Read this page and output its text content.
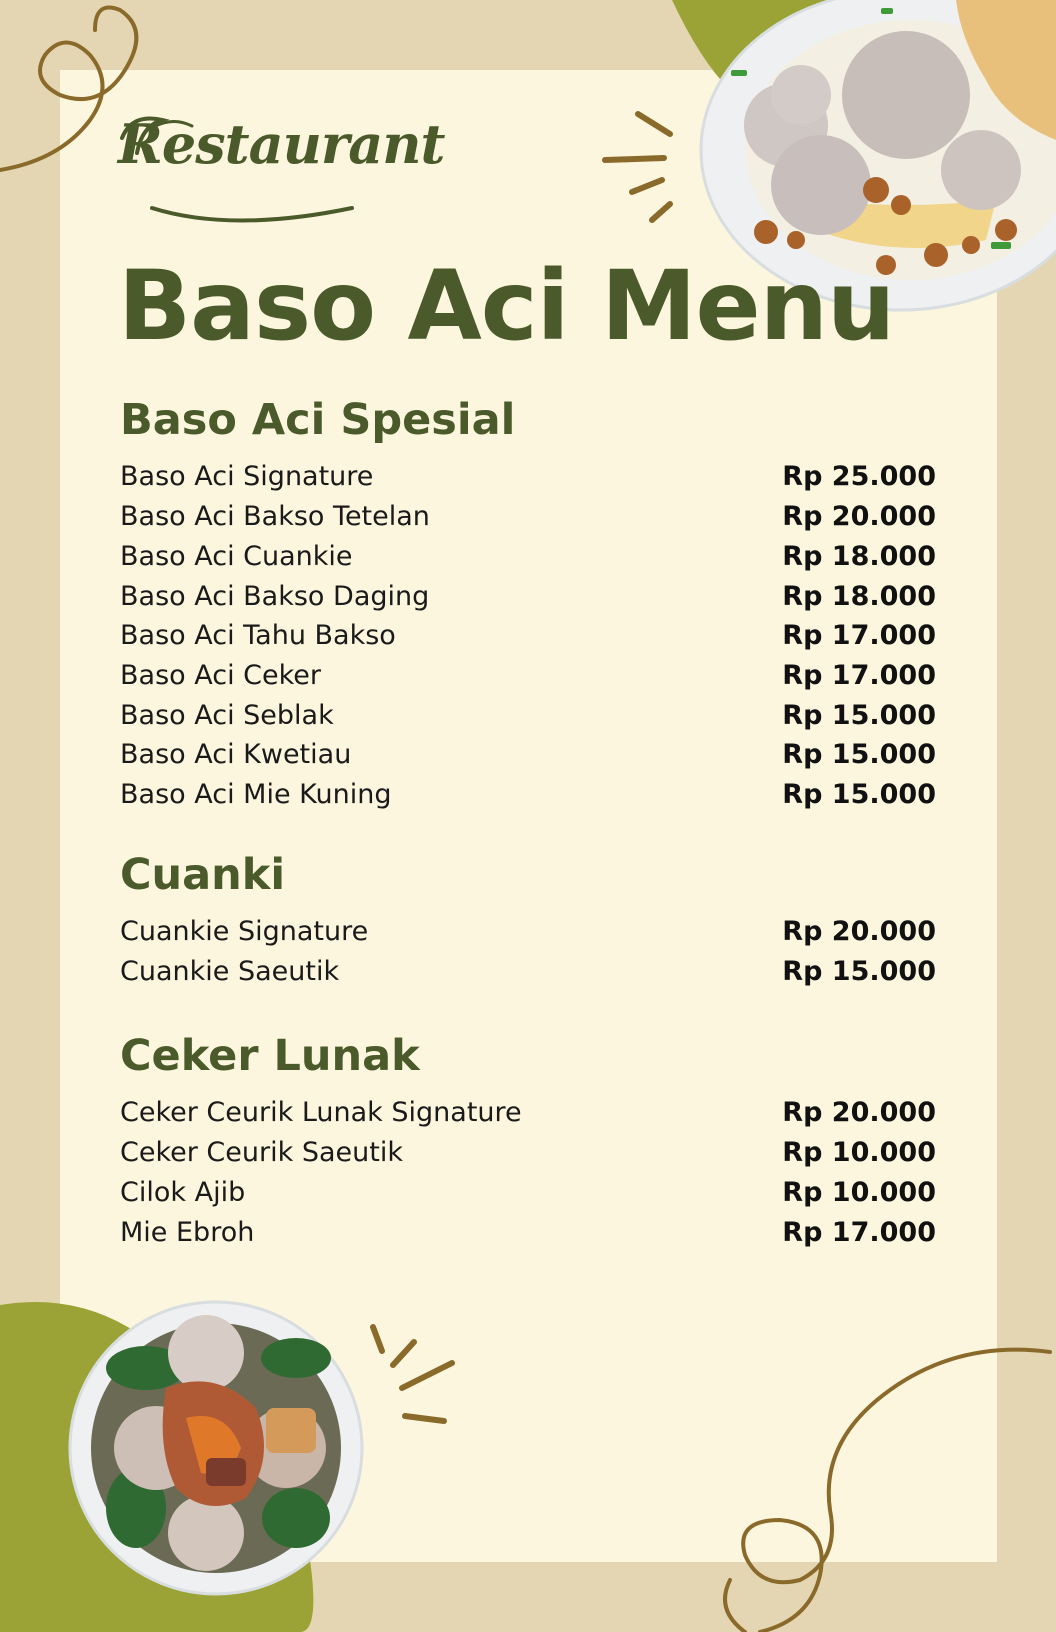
Restaurant
Baso Aci Menu
Baso Aci Spesial
Baso Aci Signature	Rp 25.000
Baso Aci Bakso Tetelan	Rp 20.000
Baso Aci Cuankie	Rp 18.000
Baso Aci Bakso Daging	Rp 18.000
Baso Aci Tahu Bakso	Rp 17.000
Baso Aci Ceker	Rp 17.000
Baso Aci Seblak	Rp 15.000
Baso Aci Kwetiau	Rp 15.000
Baso Aci Mie Kuning	Rp 15.000
Cuanki
Cuankie Signature	Rp 20.000
Cuankie Saeutik	Rp 15.000
Ceker Lunak
Ceker Ceurik Lunak Signature	Rp 20.000
Ceker Ceurik Saeutik	Rp 10.000
Cilok Ajib	Rp 10.000
Mie Ebroh	Rp 17.000
